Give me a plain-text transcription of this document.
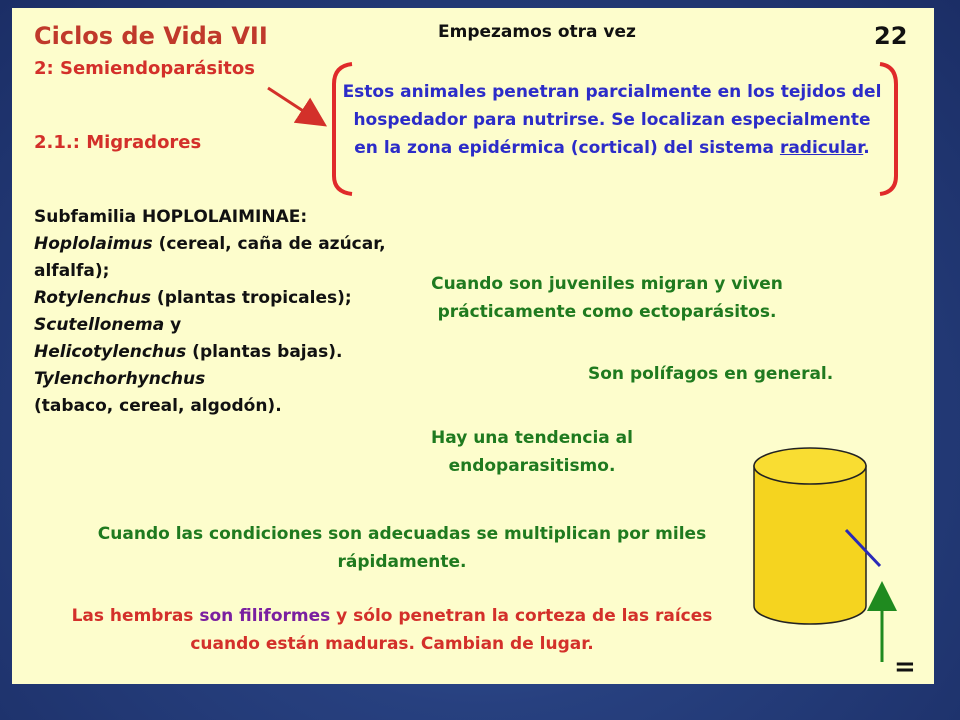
Ciclos de Vida VII	Empezamos otra vez	22
2: Semiendoparásitos
2.1.: Migradores
Estos animales penetran parcialmente en los tejidos del hospedador para nutrirse. Se localizan especialmente en la zona epidérmica (cortical) del sistema radicular.
Subfamilia HOPLOLAIMINAE:
Hoplolaimus (cereal, caña de azúcar, alfalfa);
Rotylenchus (plantas tropicales);
Scutellonema y
Helicotylenchus (plantas bajas).
Tylenchorhynchus
(tabaco, cereal, algodón).
Cuando son juveniles migran y viven prácticamente como ectoparásitos.
Son polífagos en general.
Hay una tendencia al endoparasitismo.
Cuando las condiciones son adecuadas se multiplican por miles rápidamente.
Las hembras son filiformes y sólo penetran la corteza de las raíces cuando están maduras. Cambian de lugar.
=
